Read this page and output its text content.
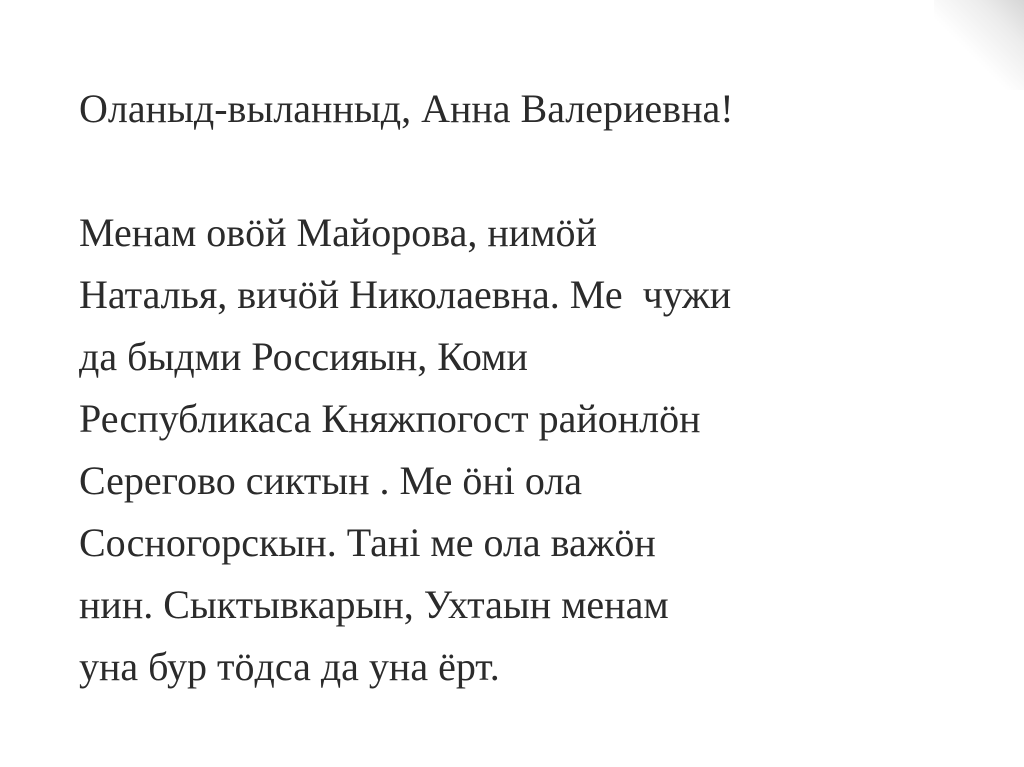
Оланыд-выланныд, Анна Валериевна!
Менам овӧй Майорова, нимӧй
Наталья, вичӧй Николаевна. Ме  чужи
да быдми Россияын, Коми
Республикаса Княжпогост районлӧн
Серегово сиктын . Ме ӧнi ола
Сосногорскын. Танi ме ола важӧн
нин. Сыктывкарын, Ухтаын менам
уна бур тӧдса да уна ёрт.
